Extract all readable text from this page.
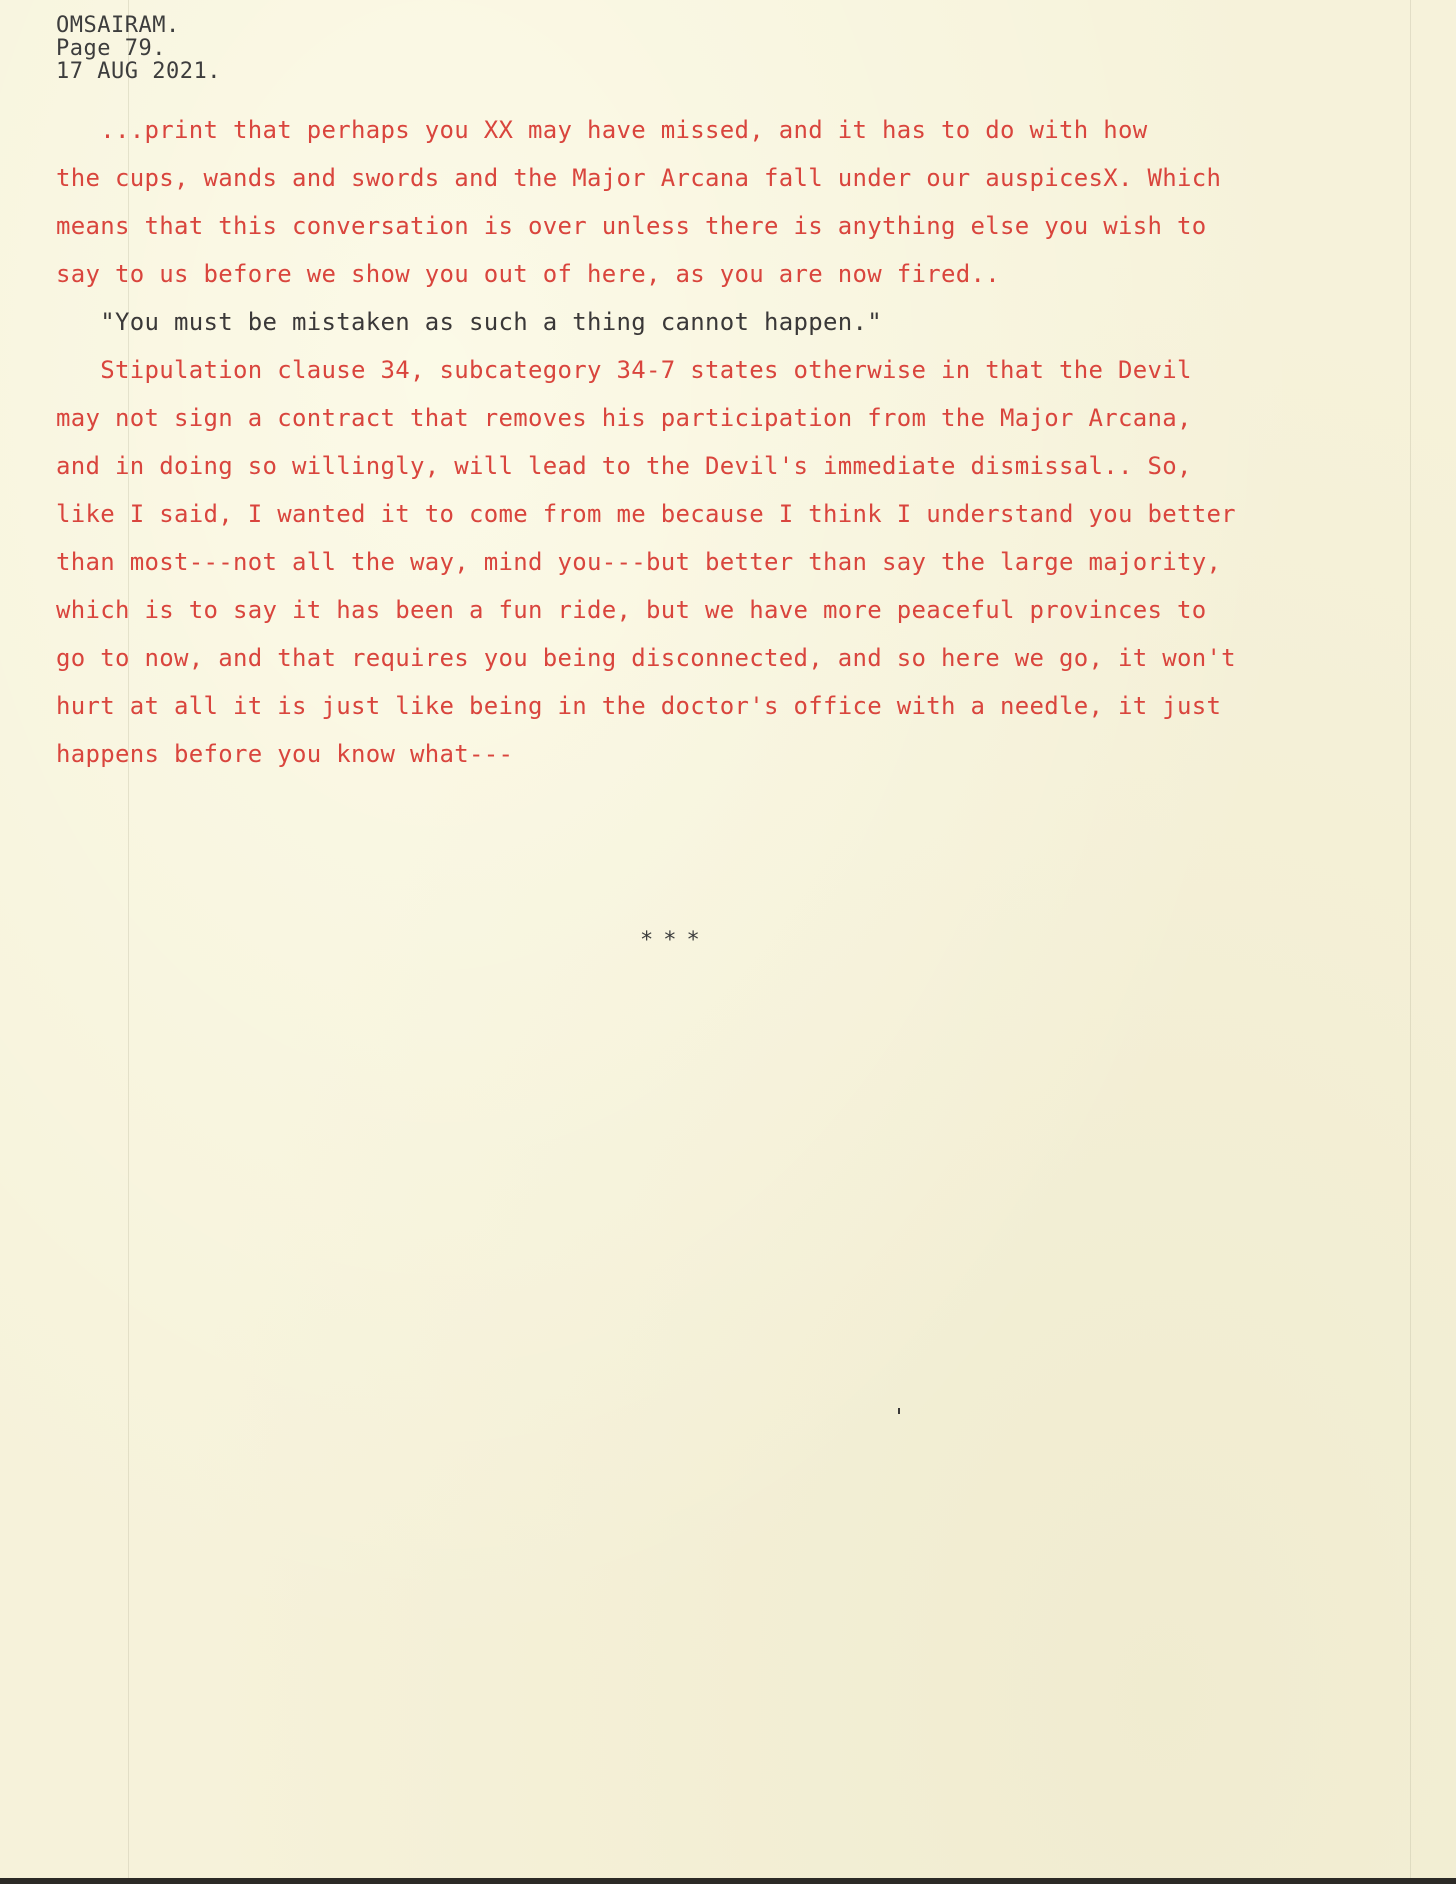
OMSAIRAM.
Page 79.
17 AUG 2021.
...print that perhaps you XX may have missed, and it has to do with how
the cups, wands and swords and the Major Arcana fall under our auspicesX. Which
means that this conversation is over unless there is anything else you wish to
say to us before we show you out of here, as you are now fired..
"You must be mistaken as such a thing cannot happen."
Stipulation clause 34, subcategory 34-7 states otherwise in that the Devil
may not sign a contract that removes his participation from the Major Arcana,
and in doing so willingly, will lead to the Devil's immediate dismissal.. So,
like I said, I wanted it to come from me because I think I understand you better
than most---not all the way, mind you---but better than say the large majority,
which is to say it has been a fun ride, but we have more peaceful provinces to
go to now, and that requires you being disconnected, and so here we go, it won't
hurt at all it is just like being in the doctor's office with a needle, it just
happens before you know what---
***
